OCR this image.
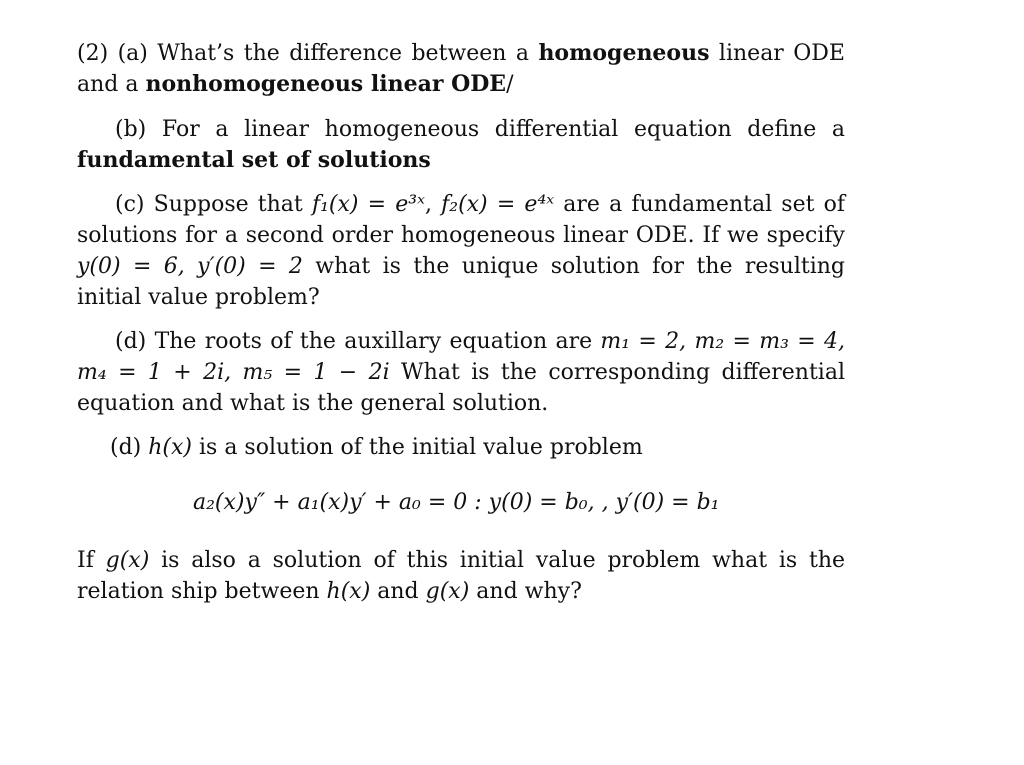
(2) (a) What’s the difference between a homogeneous linear ODE and a nonhomogeneous linear ODE/
(b) For a linear homogeneous differential equation define a fundamental set of solutions
(c) Suppose that f₁(x) = e³ˣ, f₂(x) = e⁴ˣ are a fundamental set of solutions for a second order homogeneous linear ODE. If we specify y(0) = 6, y′(0) = 2 what is the unique solution for the resulting initial value problem?
(d) The roots of the auxillary equation are m₁ = 2, m₂ = m₃ = 4, m₄ = 1 + 2i, m₅ = 1 − 2i What is the corresponding differential equation and what is the general solution.
(d) h(x) is a solution of the initial value problem
a₂(x)y″ + a₁(x)y′ + a₀ = 0 : y(0) = b₀, , y′(0) = b₁
If g(x) is also a solution of this initial value problem what is the relation ship between h(x) and g(x) and why?
